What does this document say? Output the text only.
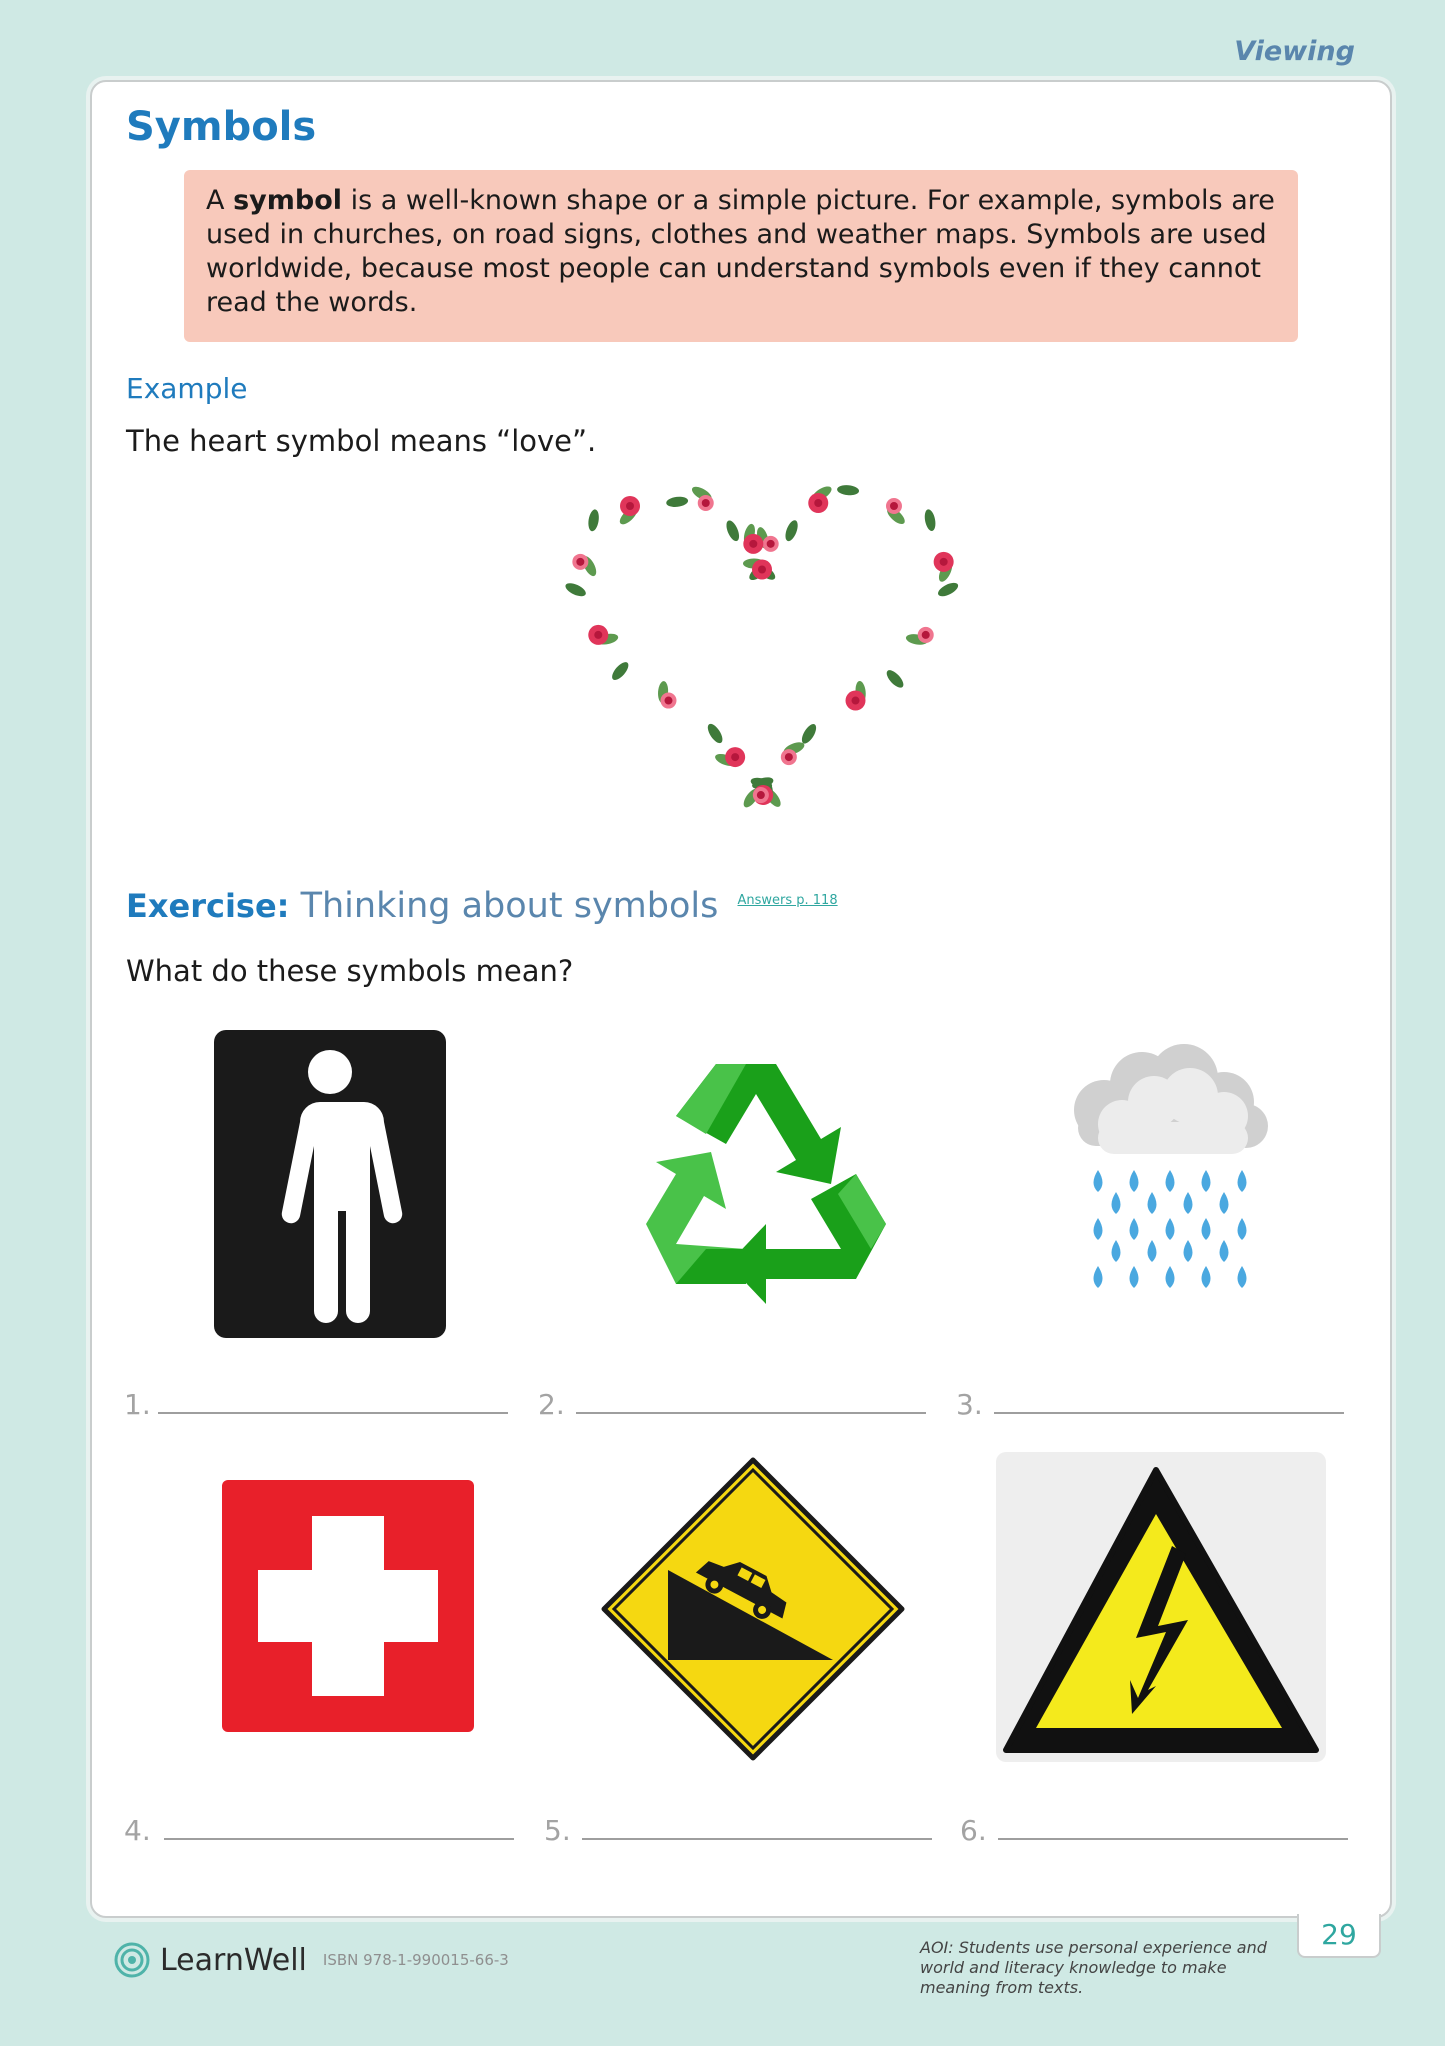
Viewing
Symbols
A symbol is a well-known shape or a simple picture. For example, symbols are used in churches, on road signs, clothes and weather maps. Symbols are used worldwide, because most people can understand symbols even if they cannot read the words.
Example
The heart symbol means “love”.
Exercise: Thinking about symbols $^{Answers p. 118}$
What do these symbols mean?
1.	2.	3.
4.	5.	6.
29
LearnWell ISBN 978-1-990015-66-3
AOI: Students use personal experience and world and literacy knowledge to make meaning from texts.
